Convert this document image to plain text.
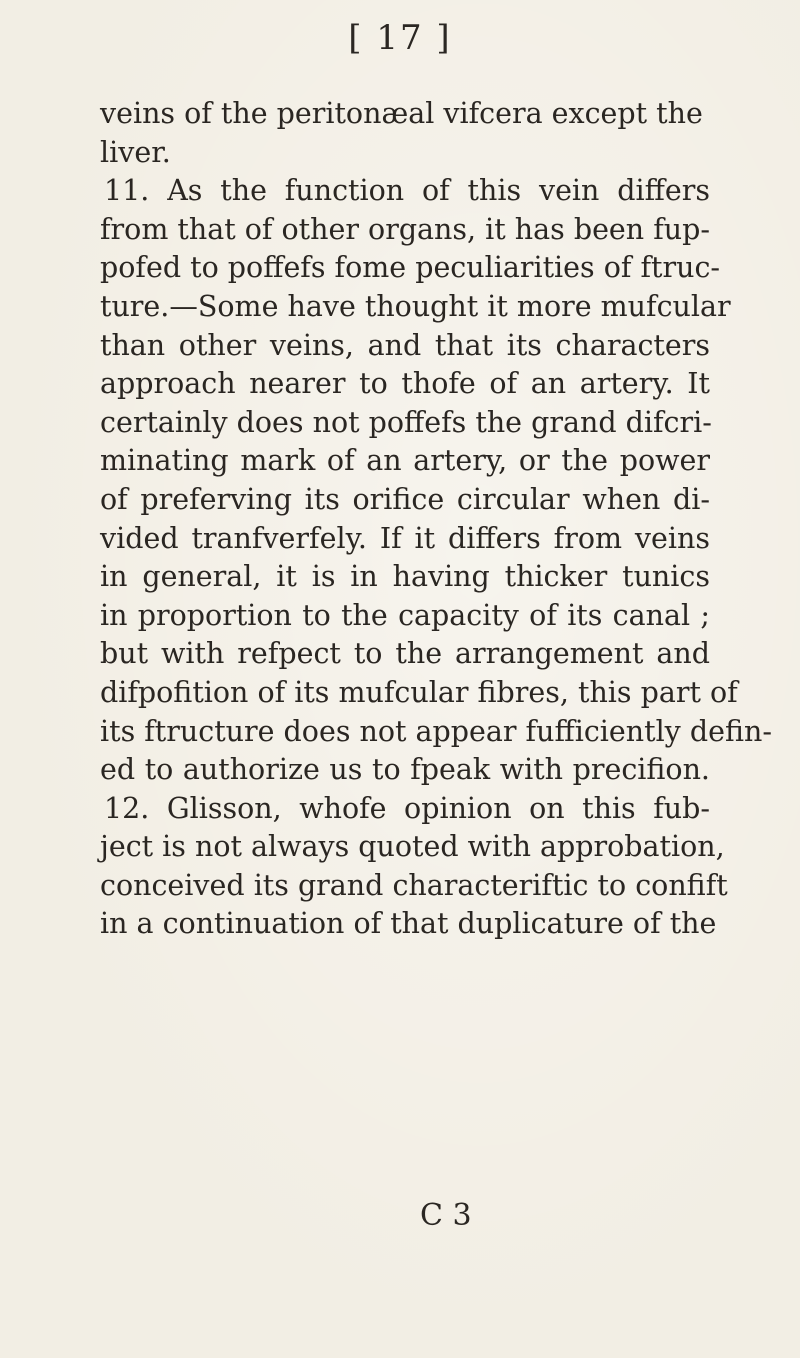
[ 17 ]
veins of the peritonæal vifcera except the
liver.
11. As the function of this vein differs
from that of other organs, it has been fup-
pofed to poffefs fome peculiarities of ftruc-
ture.—Some have thought it more mufcular
than other veins, and that its characters
approach nearer to thofe of an artery. It
certainly does not poffefs the grand difcri-
minating mark of an artery, or the power
of preferving its orifice circular when di-
vided tranfverfely. If it differs from veins
in general, it is in having thicker tunics
in proportion to the capacity of its canal ;
but with refpect to the arrangement and
difpofition of its mufcular fibres, this part of
its ftructure does not appear fufficiently defin-
ed to authorize us to fpeak with precifion.
12. Glisson, whofe opinion on this fub-
ject is not always quoted with approbation,
conceived its grand characteriftic to confift
in a continuation of that duplicature of the
C 3
